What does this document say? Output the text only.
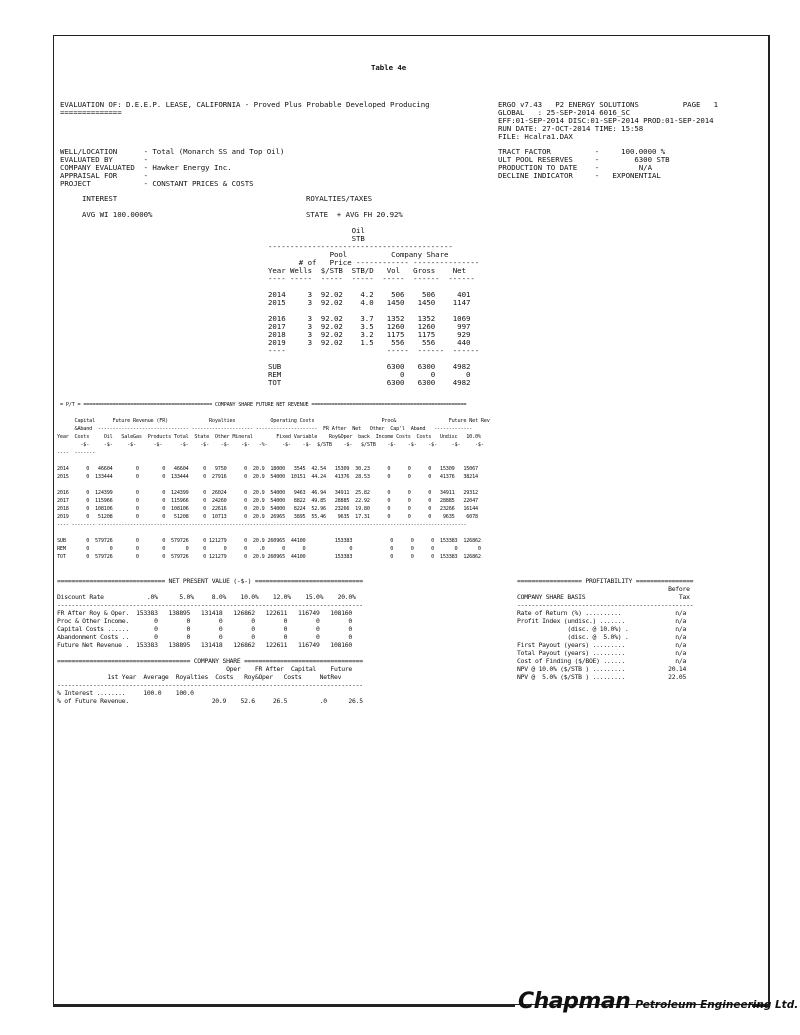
Table 4e
EVALUATION OF: D.E.E.P. LEASE, CALIFORNIA - Proved Plus Probable Developed Producing
==============
ERGO v7.43   P2 ENERGY SOLUTIONS          PAGE   1
GLOBAL   : 25-SEP-2014 6016_SC
EFF:01-SEP-2014 DISC:01-SEP-2014 PROD:01-SEP-2014
RUN DATE: 27-OCT-2014 TIME: 15:58
FILE: Hcalra1.DAX
WELL/LOCATION      - Total (Monarch SS and Top Oil)
EVALUATED BY       -
COMPANY EVALUATED  - Hawker Energy Inc.
APPRAISAL FOR      -
PROJECT            - CONSTANT PRICES & COSTS
TRACT FACTOR          -     100.0000 %
ULT POOL RESERVES     -        6300 STB
PRODUCTION TO DATE    -         N/A
DECLINE INDICATOR     -   EXPONENTIAL
INTEREST
AVG WI 100.0000%
ROYALTIES/TAXES
STATE  + AVG FH 20.92%
Oil
STB
------------------------------------------
Pool          Company Share
# of   Price ------------ ---------------
Year Wells  $/STB  STB/D   Vol   Gross    Net
---- -----  -----  -----  -----  ------  ------
2014     3  92.02    4.2    506    506     401
2015     3  92.02    4.0   1450   1450    1147
2016     3  92.02    3.7   1352   1352    1069
2017     3  92.02    3.5   1260   1260     997
2018     3  92.02    3.2   1175   1175     929
2019     3  92.02    1.5    556    556     440
----                       -----  ------  ------
SUB                        6300   6300    4982
REM                           0      0       0
TOT                        6300   6300    4982
= P/T = ============================================ COMPANY SHARE FUTURE NET REVENUE =====================================================
Capital      Future Revenue (FR)              Royalties            Operating Costs                       Proc&                  Future Net Rev
&Aband  ------------------------------- --------------------- ---------------------  FR After  Net   Other  Cap'l  Aband   -------------
Year  Costs     Oil   SaleGas  Products Total  State  Other Mineral        Fixed Variable    Roy&Oper  back  Income Costs  Costs   Undisc   10.0%
-$-     -$-     -$-      -$-      -$-    -$-    -$-    -$-   -%-     -$-    -$-  $/STB    -$-   $/STB    -$-    -$-    -$-     -$-     -$-
----  -------
2014      0   46604        0        0   46604     0   9750      0  20.9  18000   3545  42.54   15309  30.23      0      0      0   15309   15067
2015      0  133444        0        0  133444     0  27916      0  20.9  54000  10151  44.24   41376  28.53      0      0      0   41376   38214
2016      0  124399        0        0  124399     0  26024      0  20.9  54000   9463  46.94   34911  25.82      0      0      0   34911   29312
2017      0  115966        0        0  115966     0  24260      0  20.9  54000   8822  49.85   28885  22.92      0      0      0   28885   22047
2018      0  108106        0        0  108106     0  22616      0  20.9  54000   8224  52.96   23266  19.80      0      0      0   23266   16144
2019      0   51208        0        0   51208     0  10713      0  20.9  26965   3895  55.46    9635  17.31      0      0      0    9635    6078
---- -------- ------------------------------------------------------------------------------------------------------------------------------
SUB       0  579726        0        0  579726     0 121279      0  20.9 260965  44100          153383             0      0      0  153383  126862
REM       0       0        0        0       0     0      0      0    .0      0      0               0             0      0      0       0       0
TOT       0  579726        0        0  579726     0 121279      0  20.9 260965  44100          153383             0      0      0  153383  126862
============================== NET PRESENT VALUE (-$-) ==============================
Discount Rate            .0%      5.0%     8.0%    10.0%    12.0%    15.0%    20.0%
-------------------------------------------------------------------------------------
FR After Roy & Oper.  153383   138895   131418   126862   122611   116749   108160
Proc & Other Income.       0        0        0        0        0        0        0
Capital Costs ......       0        0        0        0        0        0        0
Abandonment Costs ..       0        0        0        0        0        0        0
Future Net Revenue .  153383   138895   131418   126862   122611   116749   108160
===================================== COMPANY SHARE =================================
Oper    FR After  Capital    Future
1st Year  Average  Royalties  Costs   Roy&Oper   Costs     NetRev
-------------------------------------------------------------------------------------
% Interest ........     100.0    100.0
% of Future Revenue.                       20.9    52.6     26.5         .0      26.5
================== PROFITABILITY ================
Before
COMPANY SHARE BASIS                          Tax
-------------------------------------------------
Rate of Return (%) ..........               n/a
Profit Index (undisc.) .......              n/a
(disc. @ 10.0%) .             n/a
(disc. @  5.0%) .             n/a
First Payout (years) .........              n/a
Total Payout (years) .........              n/a
Cost of Finding ($/BOE) ......              n/a
NPV @ 10.0% ($/STB ) .........            20.14
NPV @  5.0% ($/STB ) .........            22.05
Chapman Petroleum Engineering Ltd.
